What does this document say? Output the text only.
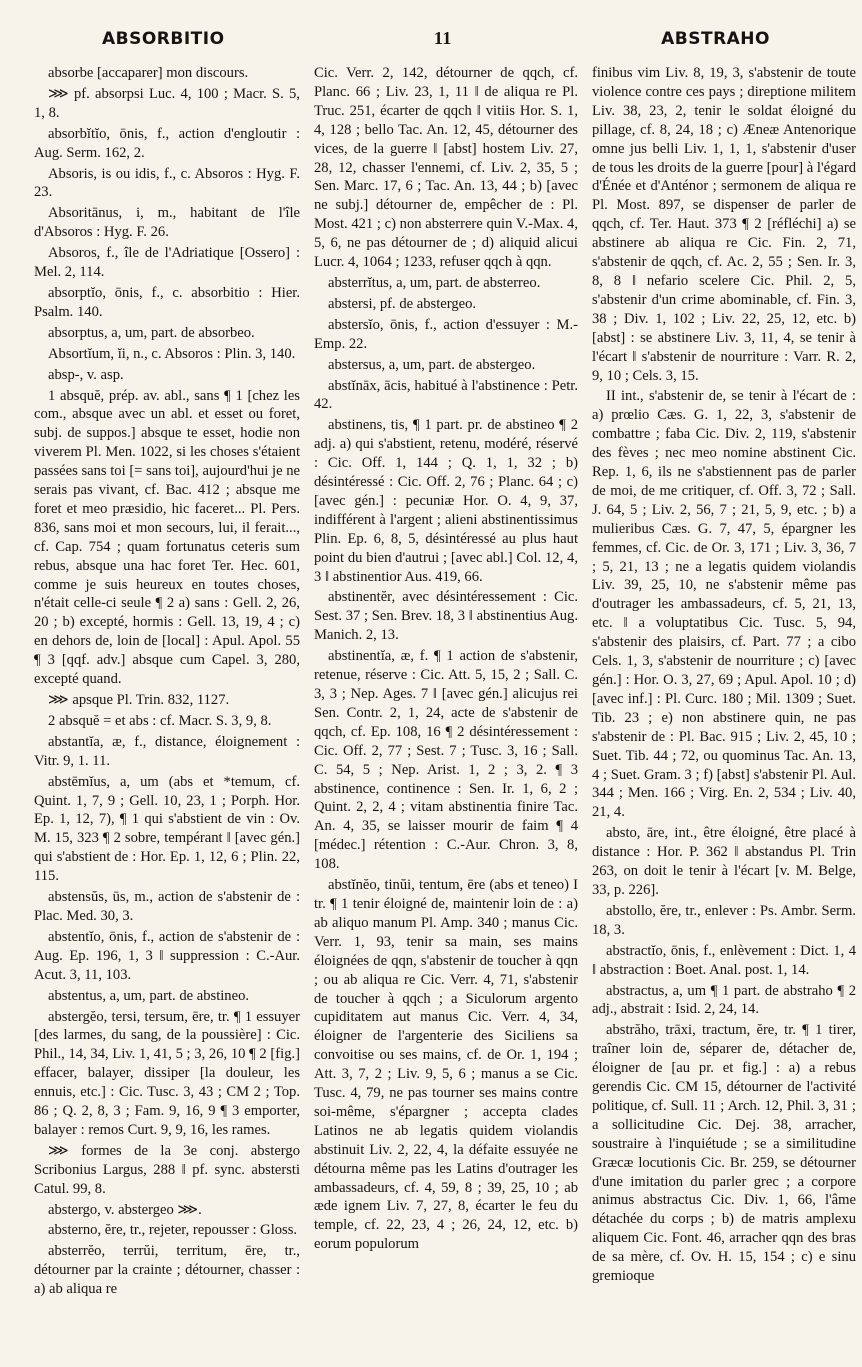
ABSORBITIO	11	ABSTRAHO

absorbe [accaparer] mon discours.

⋙ pf. absorpsi Luc. 4, 100 ; Macr. S. 5, 1, 8.

absorbĭtĭo, ōnis, f., action d'engloutir : Aug. Serm. 162, 2.

Absoris, is ou idis, f., c. Absoros : Hyg. F. 23.

Absoritānus, i, m., habitant de l'île d'Absoros : Hyg. F. 26.

Absoros, f., île de l'Adriatique [Ossero] : Mel. 2, 114.

absorptĭo, ōnis, f., c. absorbitio : Hier. Psalm. 140.

absorptus, a, um, part. de absorbeo.

Absortĭum, ĭi, n., c. Absoros : Plin. 3, 140.

absp-, v. asp.

1 absquĕ, prép. av. abl., sans ¶ 1 [chez les com., absque avec un abl. et esset ou foret, subj. de suppos.] absque te esset, hodie non viverem Pl. Men. 1022, si les choses s'étaient passées sans toi [= sans toi], aujourd'hui je ne serais pas vivant, cf. Bac. 412 ; absque me foret et meo præsidio, hic faceret... Pl. Pers. 836, sans moi et mon secours, lui, il ferait..., cf. Cap. 754 ; quam fortunatus ceteris sum rebus, absque una hac foret Ter. Hec. 601, comme je suis heureux en toutes choses, n'était celle-ci seule ¶ 2 a) sans : Gell. 2, 26, 20 ; b) excepté, hormis : Gell. 13, 19, 4 ; c) en dehors de, loin de [local] : Apul. Apol. 55 ¶ 3 [qqf. adv.] absque cum Capel. 3, 280, excepté quand.

⋙ apsque Pl. Trin. 832, 1127.

2 absquĕ = et abs : cf. Macr. S. 3, 9, 8.

abstantĭa, æ, f., distance, éloignement : Vitr. 9, 1. 11.

abstēmĭus, a, um (abs et *temum, cf. Quint. 1, 7, 9 ; Gell. 10, 23, 1 ; Porph. Hor. Ep. 1, 12, 7), ¶ 1 qui s'abstient de vin : Ov. M. 15, 323 ¶ 2 sobre, tempérant ‖ [avec gén.] qui s'abstient de : Hor. Ep. 1, 12, 6 ; Plin. 22, 115.

abstensŭs, ūs, m., action de s'abstenir de : Plac. Med. 30, 3.

abstentĭo, ōnis, f., action de s'abstenir de : Aug. Ep. 196, 1, 3 ‖ suppression : C.-Aur. Acut. 3, 11, 103.

abstentus, a, um, part. de abstineo.

abstergĕo, tersi, tersum, ēre, tr. ¶ 1 essuyer [des larmes, du sang, de la poussière] : Cic. Phil., 14, 34, Liv. 1, 41, 5 ; 3, 26, 10 ¶ 2 [fig.] effacer, balayer, dissiper [la douleur, les ennuis, etc.] : Cic. Tusc. 3, 43 ; CM 2 ; Top. 86 ; Q. 2, 8, 3 ; Fam. 9, 16, 9 ¶ 3 emporter, balayer : remos Curt. 9, 9, 16, les rames.

⋙ formes de la 3e conj. abstergo Scribonius Largus, 288 ‖ pf. sync. abstersti Catul. 99, 8.

abstergo, v. abstergeo ⋙.

absterno, ĕre, tr., rejeter, repousser : Gloss.

absterrĕo, terrŭi, territum, ēre, tr., détourner par la crainte ; détourner, chasser : a) ab aliqua re

Cic. Verr. 2, 142, détourner de qqch, cf. Planc. 66 ; Liv. 23, 1, 11 ‖ de aliqua re Pl. Truc. 251, écarter de qqch ‖ vitiis Hor. S. 1, 4, 128 ; bello Tac. An. 12, 45, détourner des vices, de la guerre ‖ [abst] hostem Liv. 27, 28, 12, chasser l'ennemi, cf. Liv. 2, 35, 5 ; Sen. Marc. 17, 6 ; Tac. An. 13, 44 ; b) [avec ne subj.] détourner de, empêcher de : Pl. Most. 421 ; c) non absterrere quin V.-Max. 4, 5, 6, ne pas détourner de ; d) aliquid alicui Lucr. 4, 1064 ; 1233, refuser qqch à qqn.

absterrĭtus, a, um, part. de absterreo.

abstersi, pf. de abstergeo.

abstersĭo, ōnis, f., action d'essuyer : M.-Emp. 22.

abstersus, a, um, part. de abstergeo.

abstĭnāx, ācis, habitué à l'abstinence : Petr. 42.

abstinens, tis, ¶ 1 part. pr. de abstineo ¶ 2 adj. a) qui s'abstient, retenu, modéré, réservé : Cic. Off. 1, 144 ; Q. 1, 1, 32 ; b) désintéressé : Cic. Off. 2, 76 ; Planc. 64 ; c) [avec gén.] : pecuniæ Hor. O. 4, 9, 37, indifférent à l'argent ; alieni abstinentissimus Plin. Ep. 6, 8, 5, désintéressé au plus haut point du bien d'autrui ; [avec abl.] Col. 12, 4, 3 ‖ abstinentior Aus. 419, 66.

abstinentĕr, avec désintéressement : Cic. Sest. 37 ; Sen. Brev. 18, 3 ‖ abstinentius Aug. Manich. 2, 13.

abstinentĭa, æ, f. ¶ 1 action de s'abstenir, retenue, réserve : Cic. Att. 5, 15, 2 ; Sall. C. 3, 3 ; Nep. Ages. 7 ‖ [avec gén.] alicujus rei Sen. Contr. 2, 1, 24, acte de s'abstenir de qqch, cf. Ep. 108, 16 ¶ 2 désintéressement : Cic. Off. 2, 77 ; Sest. 7 ; Tusc. 3, 16 ; Sall. C. 54, 5 ; Nep. Arist. 1, 2 ; 3, 2. ¶ 3 abstinence, continence : Sen. Ir. 1, 6, 2 ; Quint. 2, 2, 4 ; vitam abstinentia finire Tac. An. 4, 35, se laisser mourir de faim ¶ 4 [médec.] rétention : C.-Aur. Chron. 3, 8, 108.

abstĭnĕo, tinŭi, tentum, ēre (abs et teneo) I tr. ¶ 1 tenir éloigné de, maintenir loin de : a) ab aliquo manum Pl. Amp. 340 ; manus Cic. Verr. 1, 93, tenir sa main, ses mains éloignées de qqn, s'abstenir de toucher à qqn ; ou ab aliqua re Cic. Verr. 4, 71, s'abstenir de toucher à qqch ; a Siculorum argento cupiditatem aut manus Cic. Verr. 4, 34, éloigner de l'argenterie des Siciliens sa convoitise ou ses mains, cf. de Or. 1, 194 ; Att. 3, 7, 2 ; Liv. 9, 5, 6 ; manus a se Cic. Tusc. 4, 79, ne pas tourner ses mains contre soi-même, s'épargner ; accepta clades Latinos ne ab legatis quidem violandis abstinuit Liv. 2, 22, 4, la défaite essuyée ne détourna même pas les Latins d'outrager les ambassadeurs, cf. 4, 59, 8 ; 39, 25, 10 ; ab æde ignem Liv. 7, 27, 8, écarter le feu du temple, cf. 22, 23, 4 ; 26, 24, 12, etc. b) eorum populorum

finibus vim Liv. 8, 19, 3, s'abstenir de toute violence contre ces pays ; direptione militem Liv. 38, 23, 2, tenir le soldat éloigné du pillage, cf. 8, 24, 18 ; c) Æneæ Antenorique omne jus belli Liv. 1, 1, 1, s'abstenir d'user de tous les droits de la guerre [pour] à l'égard d'Énée et d'Anténor ; sermonem de aliqua re Pl. Most. 897, se dispenser de parler de qqch, cf. Ter. Haut. 373 ¶ 2 [réfléchi] a) se abstinere ab aliqua re Cic. Fin. 2, 71, s'abstenir de qqch, cf. Ac. 2, 55 ; Sen. Ir. 3, 8, 8 ‖ nefario scelere Cic. Phil. 2, 5, s'abstenir d'un crime abominable, cf. Fin. 3, 38 ; Div. 1, 102 ; Liv. 22, 25, 12, etc. b) [abst] : se abstinere Liv. 3, 11, 4, se tenir à l'écart ‖ s'abstenir de nourriture : Varr. R. 2, 9, 10 ; Cels. 3, 15.

II int., s'abstenir de, se tenir à l'écart de : a) prœlio Cæs. G. 1, 22, 3, s'abstenir de combattre ; faba Cic. Div. 2, 119, s'abstenir des fèves ; nec meo nomine abstinent Cic. Rep. 1, 6, ils ne s'abstiennent pas de parler de moi, de me critiquer, cf. Off. 3, 72 ; Sall. J. 64, 5 ; Liv. 2, 56, 7 ; 21, 5, 9, etc. ; b) a mulieribus Cæs. G. 7, 47, 5, épargner les femmes, cf. Cic. de Or. 3, 171 ; Liv. 3, 36, 7 ; 5, 21, 13 ; ne a legatis quidem violandis Liv. 39, 25, 10, ne s'abstenir même pas d'outrager les ambassadeurs, cf. 5, 21, 13, etc. ‖ a voluptatibus Cic. Tusc. 5, 94, s'abstenir des plaisirs, cf. Part. 77 ; a cibo Cels. 1, 3, s'abstenir de nourriture ; c) [avec gén.] : Hor. O. 3, 27, 69 ; Apul. Apol. 10 ; d) [avec inf.] : Pl. Curc. 180 ; Mil. 1309 ; Suet. Tib. 23 ; e) non abstinere quin, ne pas s'abstenir de : Pl. Bac. 915 ; Liv. 2, 45, 10 ; Suet. Tib. 44 ; 72, ou quominus Tac. An. 13, 4 ; Suet. Gram. 3 ; f) [abst] s'abstenir Pl. Aul. 344 ; Men. 166 ; Virg. En. 2, 534 ; Liv. 40, 21, 4.

absto, āre, int., être éloigné, être placé à distance : Hor. P. 362 ‖ abstandus Pl. Trin 263, on doit le tenir à l'écart [v. M. Belge, 33, p. 226].

abstollo, ĕre, tr., enlever : Ps. Ambr. Serm. 18, 3.

abstractĭo, ōnis, f., enlèvement : Dict. 1, 4 ‖ abstraction : Boet. Anal. post. 1, 14.

abstractus, a, um ¶ 1 part. de abstraho ¶ 2 adj., abstrait : Isid. 2, 24, 14.

abstrăho, trāxi, tractum, ĕre, tr. ¶ 1 tirer, traîner loin de, séparer de, détacher de, éloigner de [au pr. et fig.] : a) a rebus gerendis Cic. CM 15, détourner de l'activité politique, cf. Sull. 11 ; Arch. 12, Phil. 3, 31 ; a sollicitudine Cic. Dej. 38, arracher, soustraire à l'inquiétude ; se a similitudine Græcæ locutionis Cic. Br. 259, se détourner d'une imitation du parler grec ; a corpore animus abstractus Cic. Div. 1, 66, l'âme détachée du corps ; b) de matris amplexu aliquem Cic. Font. 46, arracher qqn des bras de sa mère, cf. Ov. H. 15, 154 ; c) e sinu gremioque
